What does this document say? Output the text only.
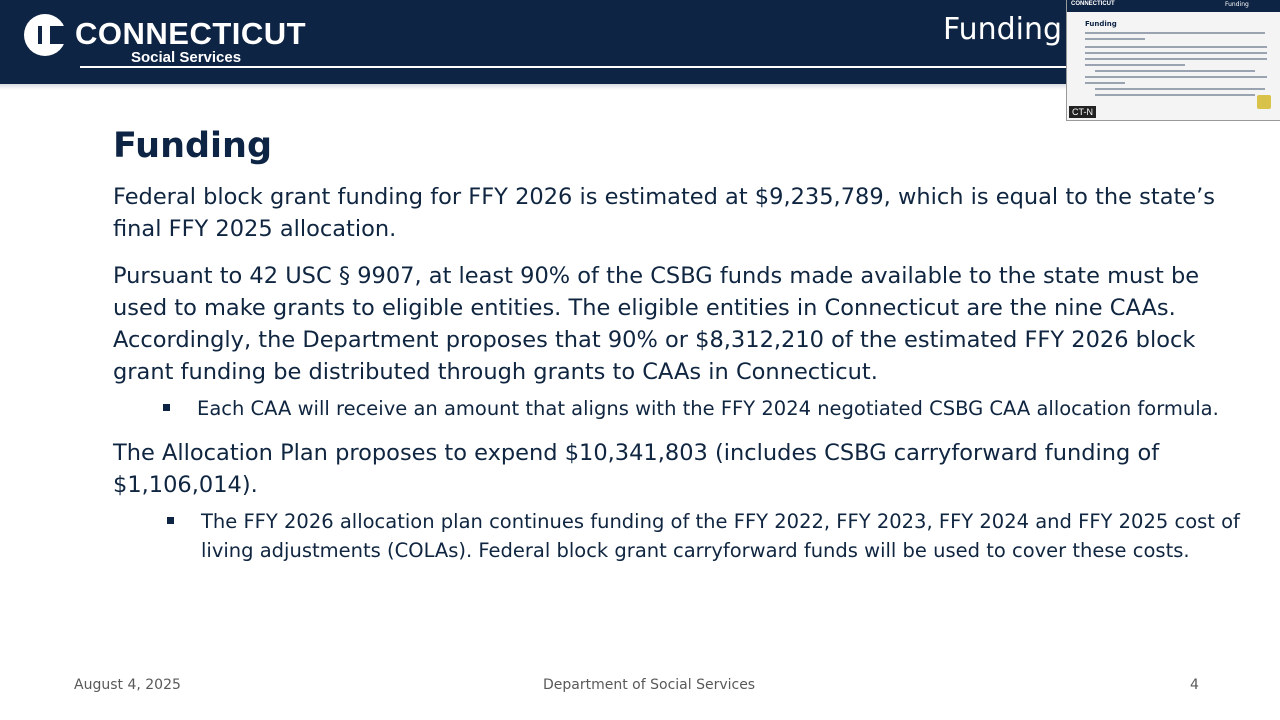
CONNECTICUT
Social Services
Funding
CONNECTICUT	Funding
Funding
CT-N
Funding

Federal block grant funding for FFY 2026 is estimated at $9,235,789, which is equal to the state’s final FFY 2025 allocation.

Pursuant to 42 USC § 9907, at least 90% of the CSBG funds made available to the state must be used to make grants to eligible entities. The eligible entities in Connecticut are the nine CAAs. Accordingly, the Department proposes that 90% or $8,312,210 of the estimated FFY 2026 block grant funding be distributed through grants to CAAs in Connecticut.

Each CAA will receive an amount that aligns with the FFY 2024 negotiated CSBG CAA allocation formula.

The Allocation Plan proposes to expend $10,341,803 (includes CSBG carryforward funding of $1,106,014).

The FFY 2026 allocation plan continues funding of the FFY 2022, FFY 2023, FFY 2024 and FFY 2025 cost of living adjustments (COLAs). Federal block grant carryforward funds will be used to cover these costs.

August 4, 2025	Department of Social Services	4
